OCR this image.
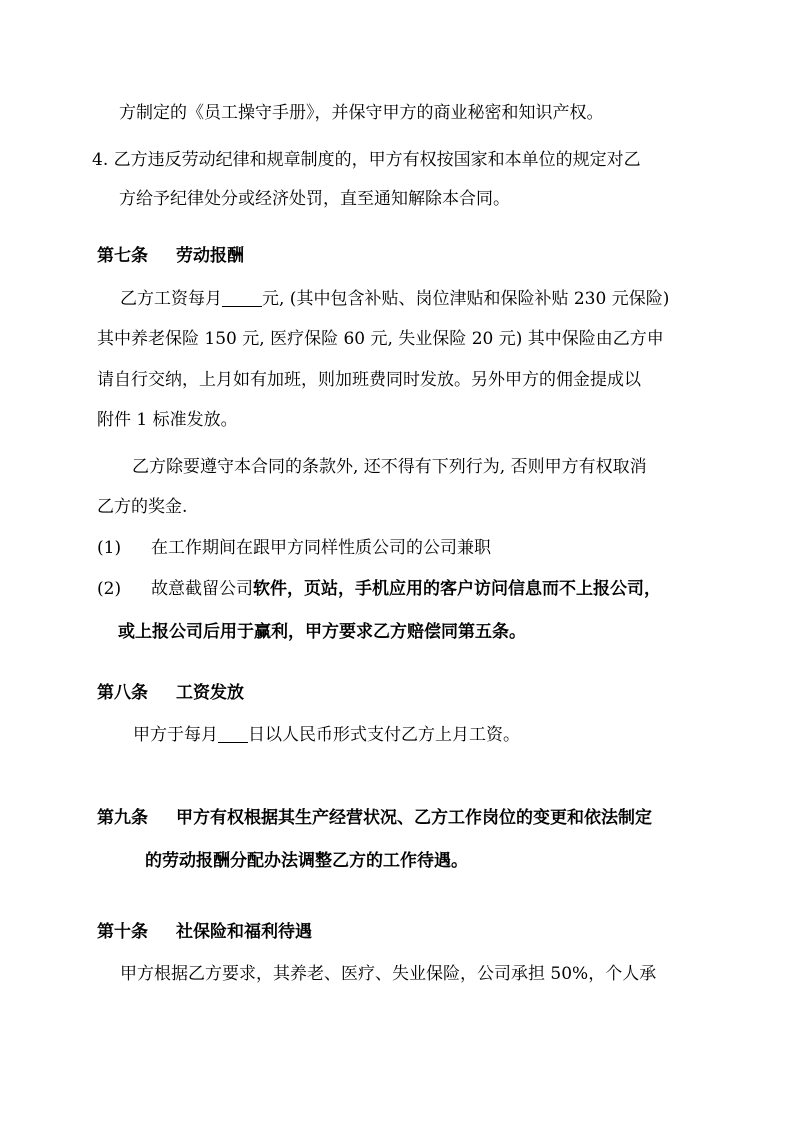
方制定的《员工操守手册》，并保守甲方的商业秘密和知识产权。
4. 乙方违反劳动纪律和规章制度的，甲方有权按国家和本单位的规定对乙
方给予纪律处分或经济处罚，直至通知解除本合同。
第七条 劳动报酬
乙方工资每月 元, (其中包含补贴、岗位津贴和保险补贴 230 元保险)
其中养老保险 150 元, 医疗保险 60 元, 失业保险 20 元) 其中保险由乙方申
请自行交纳，上月如有加班，则加班费同时发放。另外甲方的佣金提成以
附件 1 标准发放。
乙方除要遵守本合同的条款外, 还不得有下列行为, 否则甲方有权取消
乙方的奖金.
(1) 在工作期间在跟甲方同样性质公司的公司兼职
(2) 故意截留公司软件，页站，手机应用的客户访问信息而不上报公司，
或上报公司后用于赢利，甲方要求乙方赔偿同第五条。
第八条 工资发放
甲方于每月 日以人民币形式支付乙方上月工资。
第九条 甲方有权根据其生产经营状况、乙方工作岗位的变更和依法制定
的劳动报酬分配办法调整乙方的工作待遇。
第十条 社保险和福利待遇
甲方根据乙方要求，其养老、医疗、失业保险，公司承担 50%，个人承
